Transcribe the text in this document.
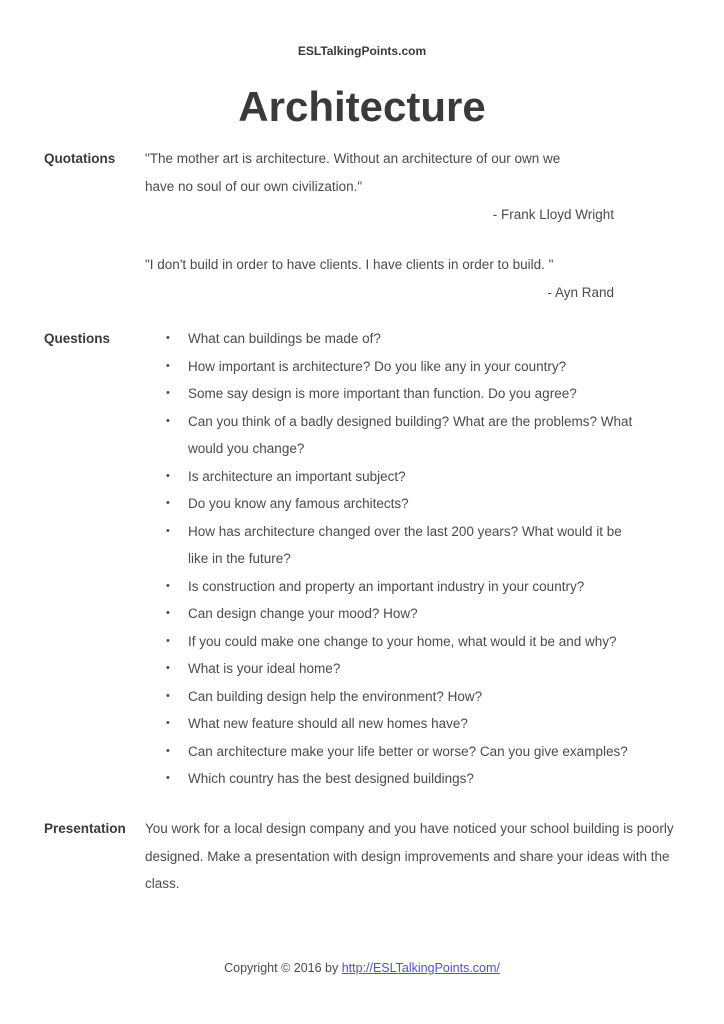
ESLTalkingPoints.com
Architecture
Quotations	"The mother art is architecture. Without an architecture of our own we
have no soul of our own civilization."
- Frank Lloyd Wright
"I don't build in order to have clients. I have clients in order to build. "
- Ayn Rand
Questions	• What can buildings be made of?
• How important is architecture? Do you like any in your country?
• Some say design is more important than function. Do you agree?
• Can you think of a badly designed building? What are the problems? What would you change?
• Is architecture an important subject?
• Do you know any famous architects?
• How has architecture changed over the last 200 years? What would it be like in the future?
• Is construction and property an important industry in your country?
• Can design change your mood? How?
• If you could make one change to your home, what would it be and why?
• What is your ideal home?
• Can building design help the environment? How?
• What new feature should all new homes have?
• Can architecture make your life better or worse? Can you give examples?
• Which country has the best designed buildings?
Presentation	You work for a local design company and you have noticed your school building is poorly designed. Make a presentation with design improvements and share your ideas with the class.
Copyright © 2016 by http://ESLTalkingPoints.com/
